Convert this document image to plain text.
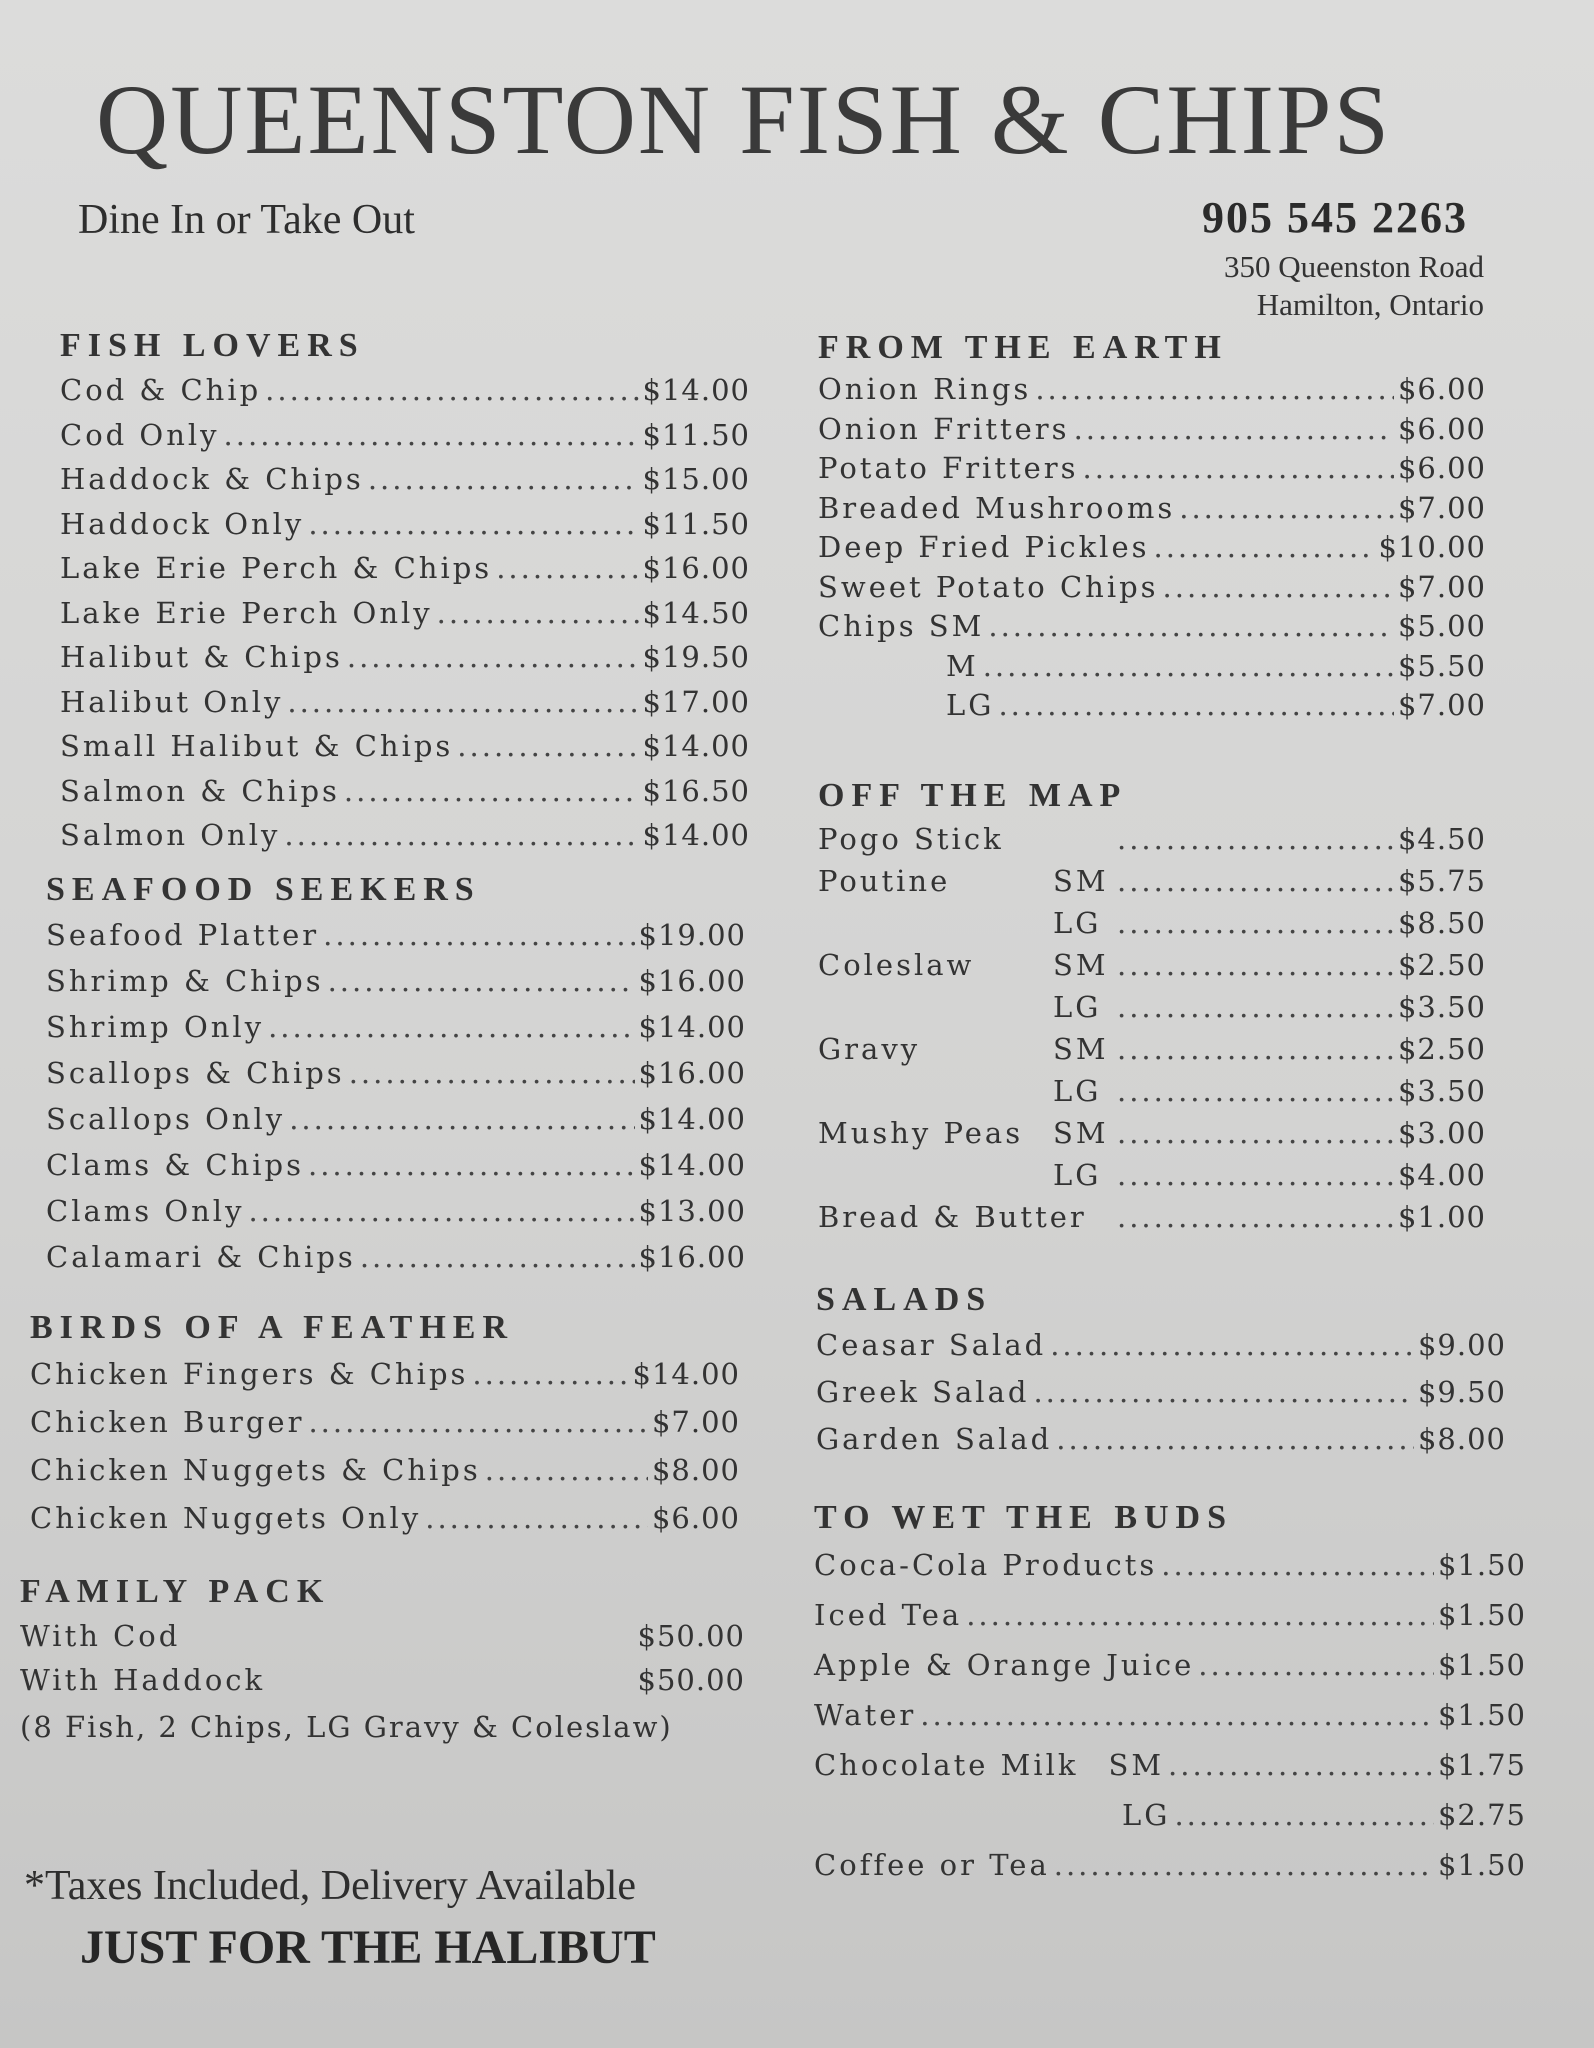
QUEENSTON FISH & CHIPS
Dine In or Take Out	905 545 2263
350 Queenston Road
Hamilton, Ontario
FISH LOVERS
Cod & Chip .....	$14.00
Cod Only .....	$11.50
Haddock & Chips .....	$15.00
Haddock Only .....	$11.50
Lake Erie Perch & Chips .....	$16.00
Lake Erie Perch Only .....	$14.50
Halibut & Chips .....	$19.50
Halibut Only .....	$17.00
Small Halibut & Chips .....	$14.00
Salmon & Chips .....	$16.50
Salmon Only .....	$14.00
SEAFOOD SEEKERS
Seafood Platter .....	$19.00
Shrimp & Chips .....	$16.00
Shrimp Only .....	$14.00
Scallops & Chips .....	$16.00
Scallops Only .....	$14.00
Clams & Chips .....	$14.00
Clams Only .....	$13.00
Calamari & Chips .....	$16.00
BIRDS OF A FEATHER
Chicken Fingers & Chips .....	$14.00
Chicken Burger .....	$7.00
Chicken Nuggets & Chips .....	$8.00
Chicken Nuggets Only .....	$6.00
FAMILY PACK
With Cod	$50.00
With Haddock	$50.00
(8 Fish, 2 Chips, LG Gravy & Coleslaw)
FROM THE EARTH
Onion Rings .....	$6.00
Onion Fritters .....	$6.00
Potato Fritters .....	$6.00
Breaded Mushrooms .....	$7.00
Deep Fried Pickles .....	$10.00
Sweet Potato Chips .....	$7.00
Chips SM .....	$5.00
M .....	$5.50
LG .....	$7.00
OFF THE MAP
Pogo Stick .....	$4.50
Poutine	SM .....	$5.75
LG .....	$8.50
Coleslaw	SM .....	$2.50
LG .....	$3.50
Gravy	SM .....	$2.50
LG .....	$3.50
Mushy Peas	SM .....	$3.00
LG .....	$4.00
Bread & Butter .....	$1.00
SALADS
Ceasar Salad .....	$9.00
Greek Salad .....	$9.50
Garden Salad .....	$8.00
TO WET THE BUDS
Coca-Cola Products .....	$1.50
Iced Tea .....	$1.50
Apple & Orange Juice .....	$1.50
Water .....	$1.50
Chocolate Milk SM .....	$1.75
LG .....	$2.75
Coffee or Tea .....	$1.50
*Taxes Included, Delivery Available
JUST FOR THE HALIBUT
